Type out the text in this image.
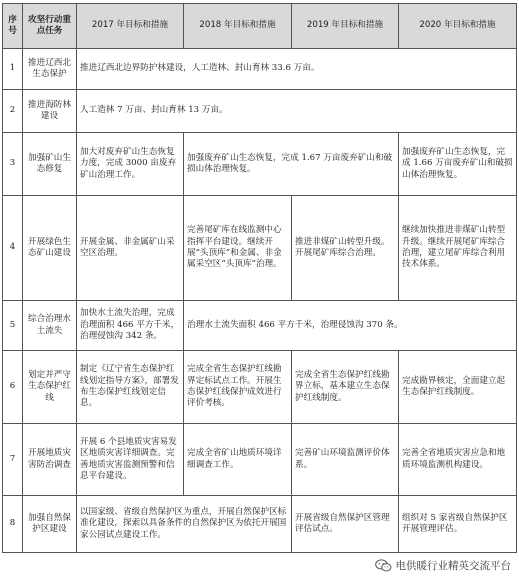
序号	攻坚行动重点任务	2017 年目标和措施	2018 年目标和措施	2019 年目标和措施	2020 年目标和措施
1	推进辽西北生态保护	推进辽西北边界防护林建设，人工造林、封山育林 33.6 万亩。			
2	推进海防林建设	人工造林 7 万亩、封山育林 13 万亩。			
3	加强矿山生态修复	加大对废弃矿山生态恢复力度，完成 3000 亩废弃矿山治理工作。	加强废弃矿山生态恢复，完成 1.67 万亩废弃矿山和破损山体治理恢复。		加强废弃矿山生态恢复，完成 1.66 万亩废弃矿山和破损山体治理恢复。
4	开展绿色生态矿山建设	开展金属、非金属矿山采空区治理。	完善尾矿库在线监测中心指挥平台建设。继续开展“头顶库”和金属、非金属采空区“头顶库”治理。	推进非煤矿山转型升级。开展尾矿库综合治理。	继续加快推进非煤矿山转型升级。继续开展尾矿库综合治理，建立尾矿库综合利用技术体系。
5	综合治理水土流失	加快水土流失治理，完成治理面积 466 平方千米，治理侵蚀沟 342 条。	治理水土流失面积 466 平方千米，治理侵蚀沟 370 条。		
6	划定并严守生态保护红线	制定《辽宁省生态保护红线划定指导方案》，部署发布生态保护红线划定信息。	完成全省生态保护红线勘界定标试点工作。开展生态保护红线保护成效进行评价考核。	完成全省生态保护红线勘界立标，基本建立生态保护红线制度。	完成勘界核定，全面建立起生态保护红线制度。
7	开展地质灾害防治调查	开展 6 个县地质灾害易发区地质灾害详细调查。完善地质灾害监测预警和信息平台建设。	完成全省矿山地质环境详细调查工作。	完善矿山环境监测评价体系。	完善全省地质灾害应急和地质环境监测机构建设。
8	加强自然保护区建设	以国家级、省级自然保护区为重点，开展自然保护区标准化建设，探索以具备条件的自然保护区为依托开展国家公园试点建设工作。		开展省级自然保护区管理评估试点。	组织对 5 家省级自然保护区开展管理评估。
电供暖行业精英交流平台
